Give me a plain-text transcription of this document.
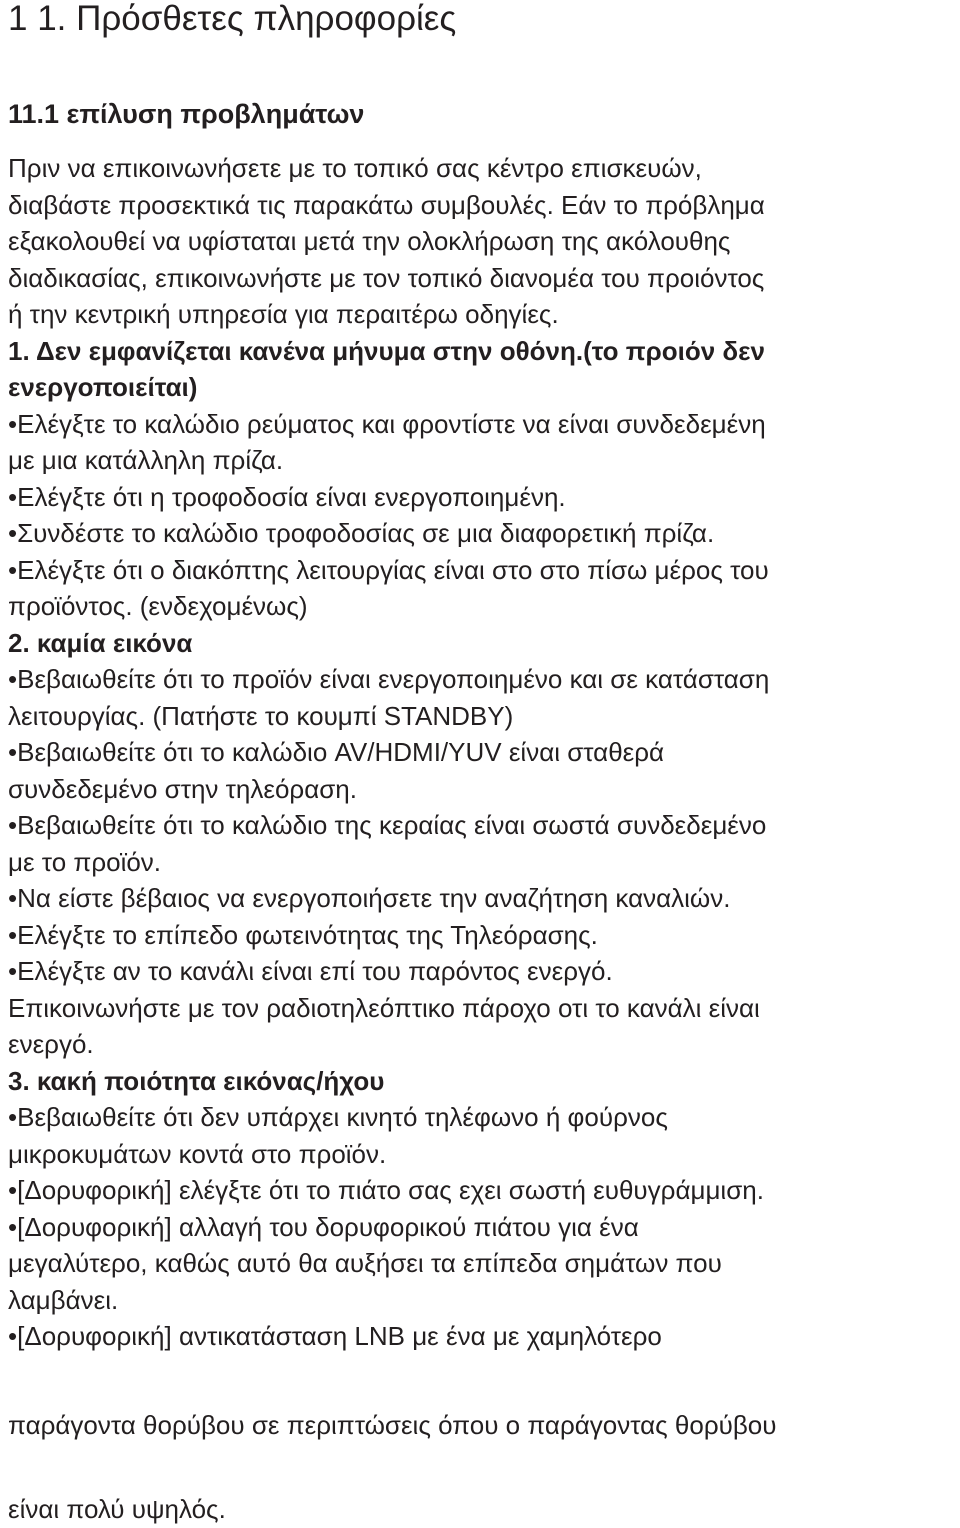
1 1. Πρόσθετες πληροφορίες
11.1 επίλυση προβλημάτων
Πριν να επικοινωνήσετε με το τοπικό σας κέντρο επισκευών,
διαβάστε προσεκτικά τις παρακάτω συμβουλές. Εάν το πρόβλημα
εξακολουθεί να υφίσταται μετά την ολοκλήρωση της ακόλουθης
διαδικασίας, επικοινωνήστε με τον τοπικό διανομέα του προιόντος
ή την κεντρική υπηρεσία για περαιτέρω οδηγίες.
1. Δεν εμφανίζεται κανένα μήνυμα στην οθόνη.(το προιόν δεν
ενεργοποιείται)
• Ελέγξτε το καλώδιο ρεύματος και φροντίστε να είναι συνδεδεμένη
με μια κατάλληλη πρίζα.
• Ελέγξτε ότι η τροφοδοσία είναι ενεργοποιημένη.
• Συνδέστε το καλώδιο τροφοδοσίας σε μια διαφορετική πρίζα.
• Ελέγξτε ότι ο διακόπτης λειτουργίας είναι στο στο πίσω μέρος του
προϊόντος. (ενδεχομένως)
2. καμία εικόνα
• Βεβαιωθείτε ότι το προϊόν είναι ενεργοποιημένο και σε κατάσταση
λειτουργίας. (Πατήστε το κουμπί STANDBY)
• Βεβαιωθείτε ότι το καλώδιο AV/HDMI/YUV είναι σταθερά
συνδεδεμένο στην τηλεόραση.
• Βεβαιωθείτε ότι το καλώδιο της κεραίας είναι σωστά συνδεδεμένο
με το προϊόν.
• Να είστε βέβαιος να ενεργοποιήσετε την αναζήτηση καναλιών.
• Ελέγξτε το επίπεδο φωτεινότητας της Τηλεόρασης.
• Ελέγξτε αν το κανάλι είναι επί του παρόντος ενεργό.
Επικοινωνήστε με τον ραδιοτηλεόπτικο πάροχο οτι το κανάλι είναι
ενεργό.
3. κακή ποιότητα εικόνας/ήχου
• Βεβαιωθείτε ότι δεν υπάρχει κινητό τηλέφωνο ή φούρνος
μικροκυμάτων κοντά στο προϊόν.
• [Δορυφορική] ελέγξτε ότι το πιάτο σας εχει σωστή ευθυγράμμιση.
• [Δορυφορική] αλλαγή του δορυφορικού πιάτου για ένα
μεγαλύτερο, καθώς αυτό θα αυξήσει τα επίπεδα σημάτων που
λαμβάνει.
• [Δορυφορική] αντικατάσταση LNB με ένα με χαμηλότερο
παράγοντα θορύβου σε περιπτώσεις όπου ο παράγοντας θορύβου
είναι πολύ υψηλός.
